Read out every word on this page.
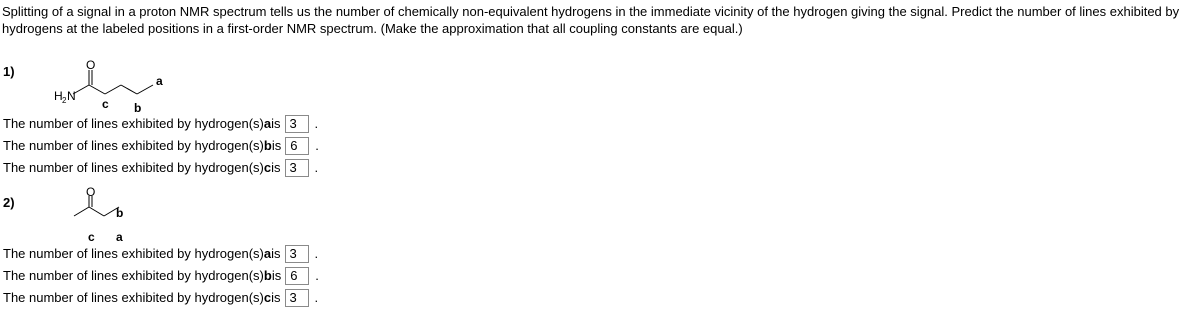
Splitting of a signal in a proton NMR spectrum tells us the number of chemically non-equivalent hydrogens in the immediate vicinity of the hydrogen giving the signal. Predict the number of lines exhibited by hydrogens at the labeled positions in a first-order NMR spectrum. (Make the approximation that all coupling constants are equal.)

1)	O
H 2 N
a
b
c
The number of lines exhibited by hydrogen(s) a is 3	.
The number of lines exhibited by hydrogen(s) b is 6	.
The number of lines exhibited by hydrogen(s) c is 3	.
2)
O
a
b
c
The number of lines exhibited by hydrogen(s) a is 3	.
The number of lines exhibited by hydrogen(s) b is 6	.
The number of lines exhibited by hydrogen(s) c is 3	.
